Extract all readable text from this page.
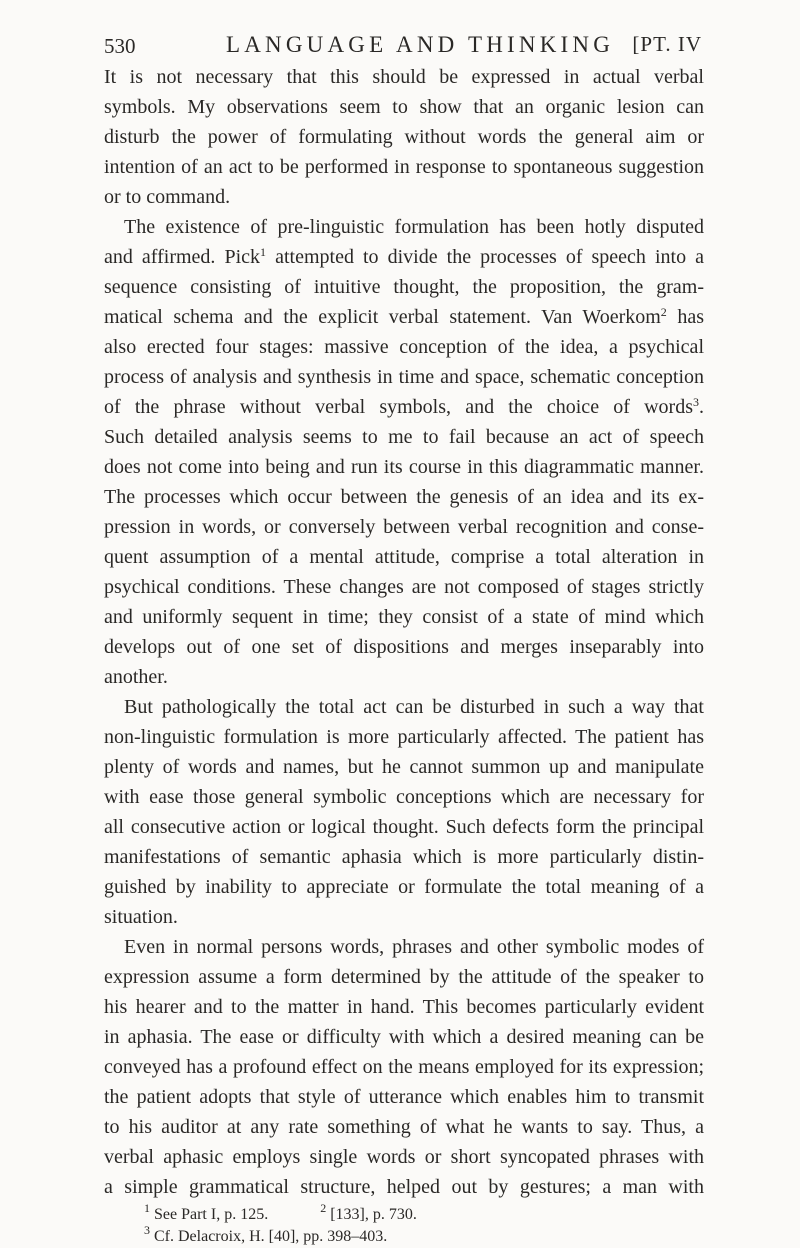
530	LANGUAGE AND THINKING [PT. IV
It is not necessary that this should be expressed in actual verbal
symbols. My observations seem to show that an organic lesion can
disturb the power of formulating without words the general aim or
intention of an act to be performed in response to spontaneous suggestion
or to command.
The existence of pre-linguistic formulation has been hotly disputed
and affirmed. Pick$^1$ attempted to divide the processes of speech into a
sequence consisting of intuitive thought, the proposition, the gram-
matical schema and the explicit verbal statement. Van Woerkom$^2$ has
also erected four stages: massive conception of the idea, a psychical
process of analysis and synthesis in time and space, schematic conception
of the phrase without verbal symbols, and the choice of words$^3$.
Such detailed analysis seems to me to fail because an act of speech
does not come into being and run its course in this diagrammatic manner.
The processes which occur between the genesis of an idea and its ex-
pression in words, or conversely between verbal recognition and conse-
quent assumption of a mental attitude, comprise a total alteration in
psychical conditions. These changes are not composed of stages strictly
and uniformly sequent in time; they consist of a state of mind which
develops out of one set of dispositions and merges inseparably into
another.
But pathologically the total act can be disturbed in such a way that
non-linguistic formulation is more particularly affected. The patient has
plenty of words and names, but he cannot summon up and manipulate
with ease those general symbolic conceptions which are necessary for
all consecutive action or logical thought. Such defects form the principal
manifestations of semantic aphasia which is more particularly distin-
guished by inability to appreciate or formulate the total meaning of a
situation.
Even in normal persons words, phrases and other symbolic modes of
expression assume a form determined by the attitude of the speaker to
his hearer and to the matter in hand. This becomes particularly evident
in aphasia. The ease or difficulty with which a desired meaning can be
conveyed has a profound effect on the means employed for its expression;
the patient adopts that style of utterance which enables him to transmit
to his auditor at any rate something of what he wants to say. Thus, a
verbal aphasic employs single words or short syncopated phrases with
a simple grammatical structure, helped out by gestures; a man with
$^1$ See Part I, p. 125.	$^2$ [133], p. 730.
$^3$ Cf. Delacroix, H. [40], pp. 398–403.
